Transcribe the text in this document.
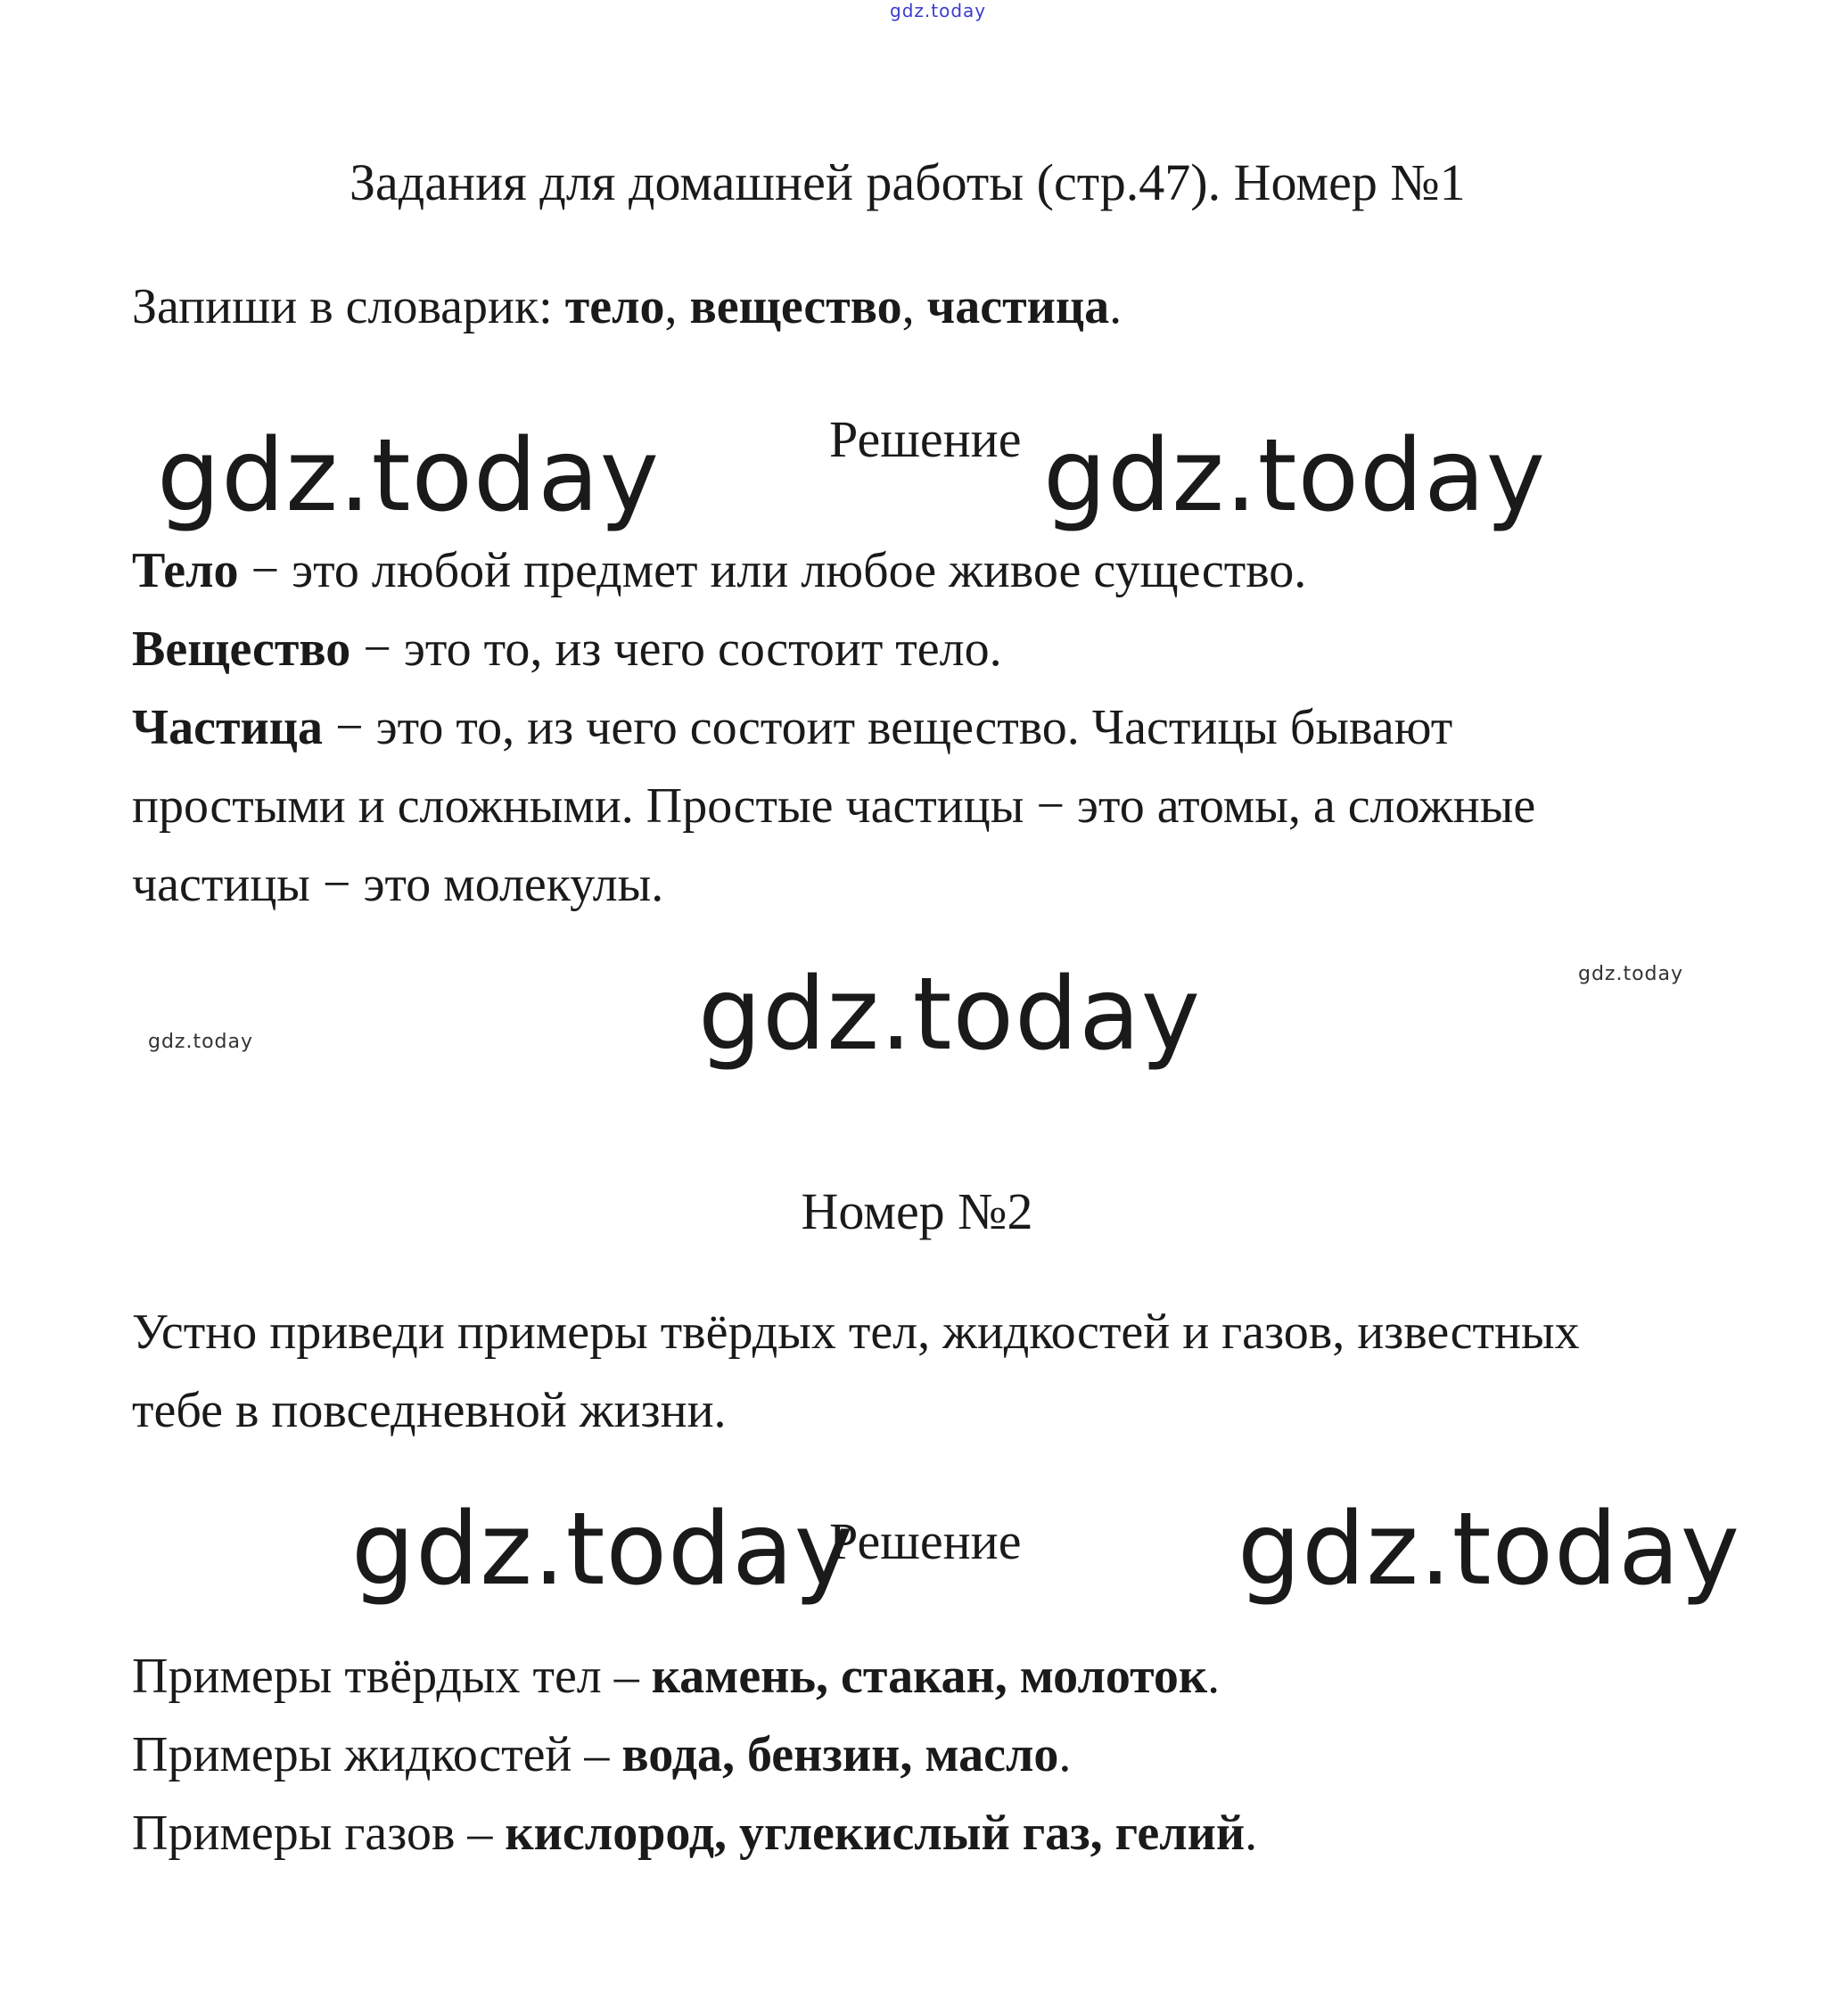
gdz.today
Задания для домашней работы (стр.47). Номер №1
Запиши в словарик: тело, вещество, частица.
gdz.today	Решение gdz.today
Тело − это любой предмет или любое живое существо.
Вещество − это то, из чего состоит тело.
Частица − это то, из чего состоит вещество. Частицы бывают
простыми и сложными. Простые частицы − это атомы, а сложные
частицы − это молекулы.
gdz.today
gdz.today
gdz.today
Номер №2
Устно приведи примеры твёрдых тел, жидкостей и газов, известных
тебе в повседневной жизни.
gdz.today
Решение gdz.today
Примеры твёрдых тел – камень, стакан, молоток.
Примеры жидкостей – вода, бензин, масло.
Примеры газов – кислород, углекислый газ, гелий.
